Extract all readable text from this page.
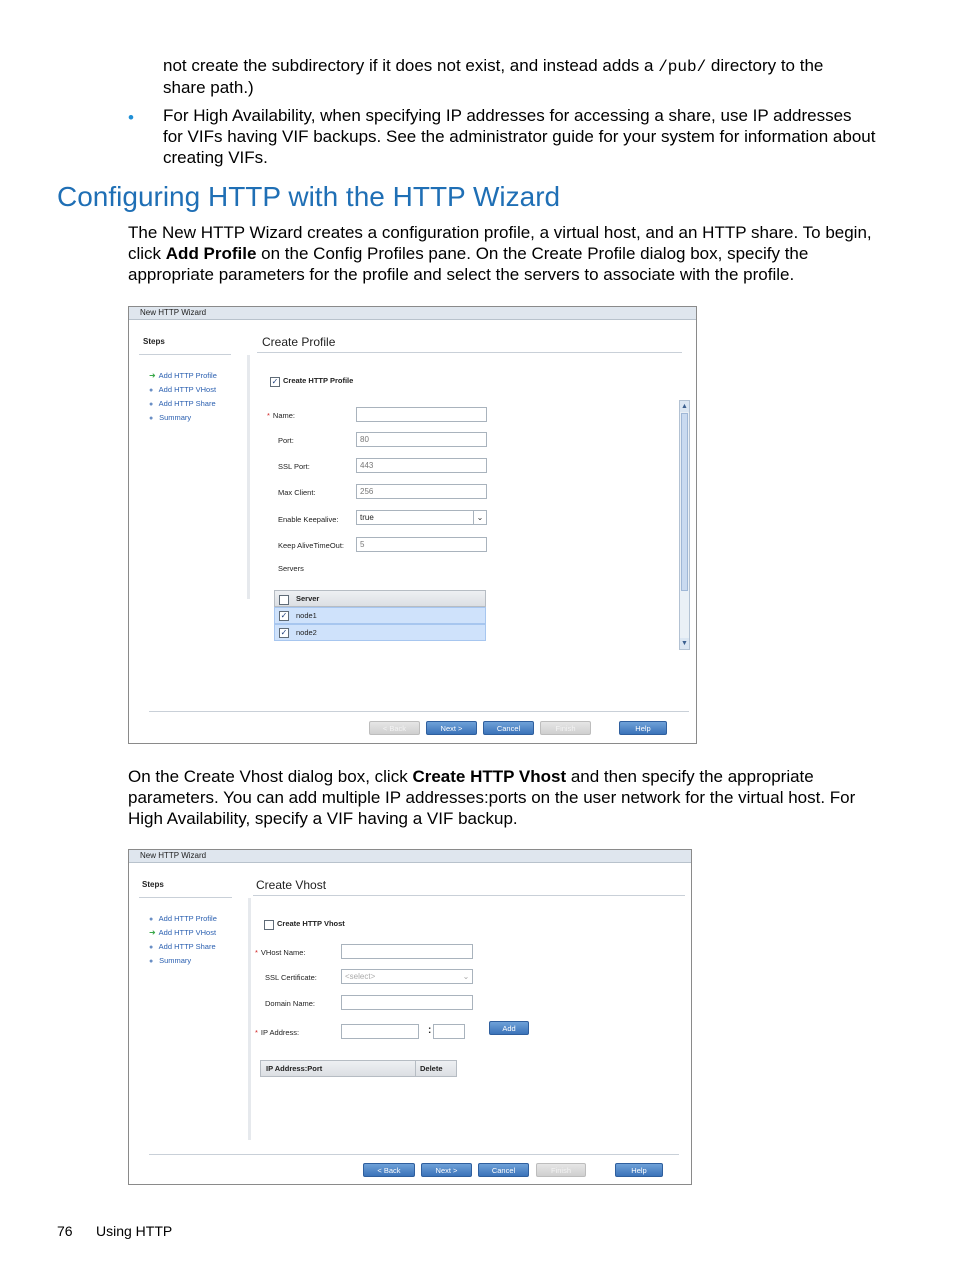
not create the subdirectory if it does not exist, and instead adds a /pub/ directory to the
share path.)
• For High Availability, when specifying IP addresses for accessing a share, use IP addresses
for VIFs having VIF backups. See the administrator guide for your system for information about
creating VIFs.
Configuring HTTP with the HTTP Wizard
The New HTTP Wizard creates a configuration profile, a virtual host, and an HTTP share. To begin,
click Add Profile on the Config Profiles pane. On the Create Profile dialog box, specify the
appropriate parameters for the profile and select the servers to associate with the profile.
New HTTP Wizard
Steps
➜ Add HTTP Profile
● Add HTTP VHost
● Add HTTP Share
● Summary
Create Profile
✓ Create HTTP Profile
* Name:
Port:	80
SSL Port:	443
Max Client:	256
Enable Keepalive:	true	⌄
Keep AliveTimeOut:	5
Servers
Server
✓ node1
✓ node2
▲
▼
< Back	Next >	Cancel	Finish	Help
On the Create Vhost dialog box, click Create HTTP Vhost and then specify the appropriate
parameters. You can add multiple IP addresses:ports on the user network for the virtual host. For
High Availability, specify a VIF having a VIF backup.
New HTTP Wizard
Steps
● Add HTTP Profile
➜ Add HTTP VHost
● Add HTTP Share
● Summary
Create Vhost
Create HTTP Vhost
* VHost Name:
SSL Certificate:	<select>	⌄
Domain Name:
* IP Address:	:	Add
IP Address:Port	Delete
< Back	Next >	Cancel	Finish	Help
76 Using HTTP
